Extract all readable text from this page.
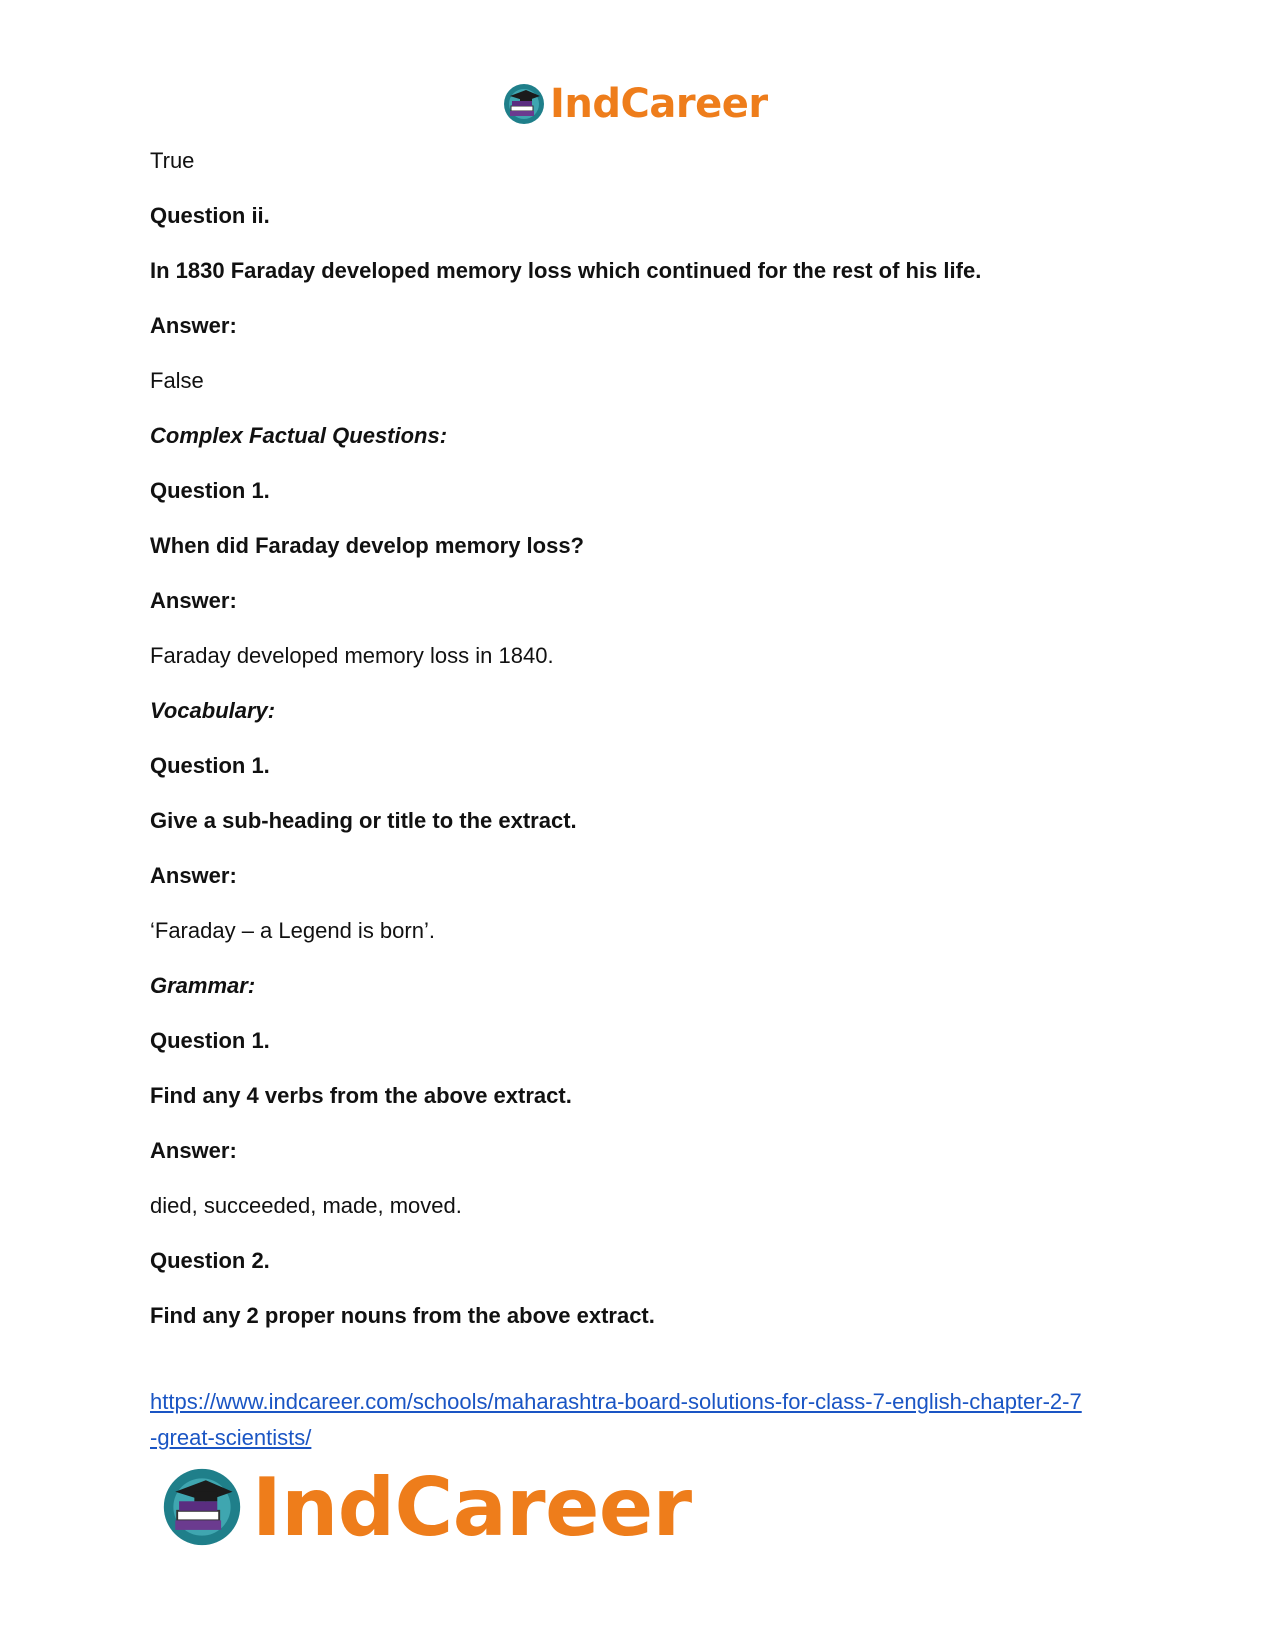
IndCareer

True

Question ii.

In 1830 Faraday developed memory loss which continued for the rest of his life.

Answer:

False

Complex Factual Questions:

Question 1.

When did Faraday develop memory loss?

Answer:

Faraday developed memory loss in 1840.

Vocabulary:

Question 1.

Give a sub-heading or title to the extract.

Answer:

‘Faraday – a Legend is born’.

Grammar:

Question 1.

Find any 4 verbs from the above extract.

Answer:

died, succeeded, made, moved.

Question 2.

Find any 2 proper nouns from the above extract.

https://www.indcareer.com/schools/maharashtra-board-solutions-for-class-7-english-chapter-2-7
-great-scientists/
IndCareer
